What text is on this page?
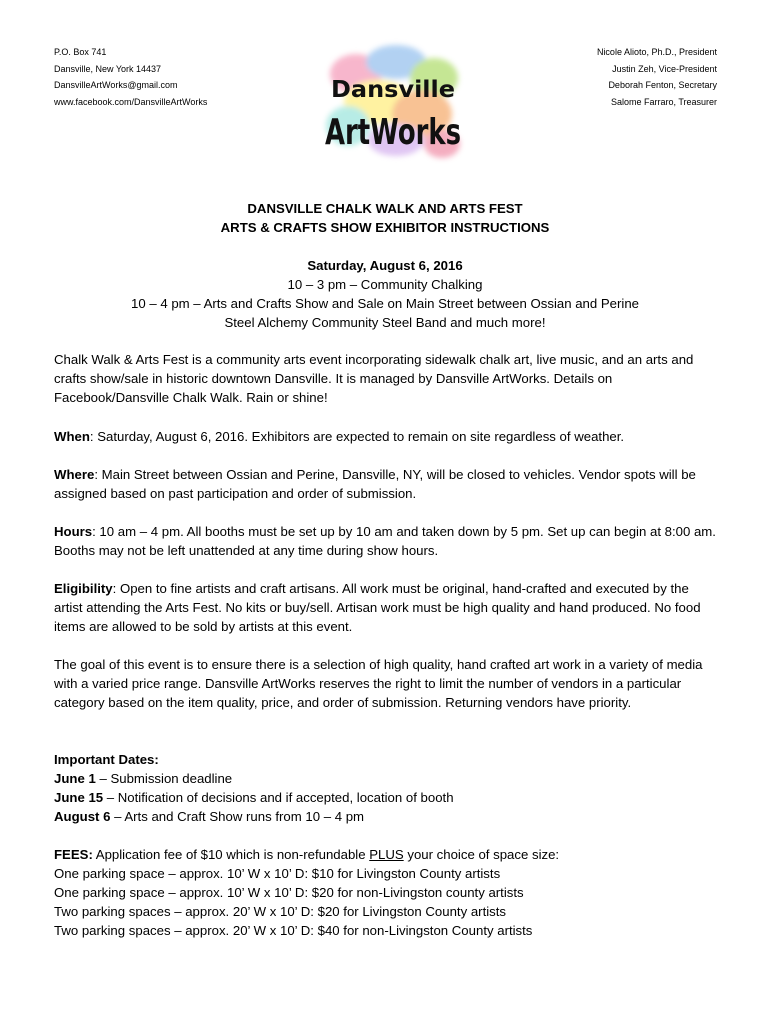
P.O. Box 741
Dansville, New York 14437
DansvilleArtWorks@gmail.com
www.facebook.com/DansvilleArtWorks
Nicole Alioto, Ph.D., President
Justin Zeh, Vice-President
Deborah Fenton, Secretary
Salome Farraro, Treasurer
Dansville
ArtWorks
DANSVILLE CHALK WALK AND ARTS FEST
ARTS & CRAFTS SHOW EXHIBITOR INSTRUCTIONS
Saturday, August 6, 2016
10 – 3 pm – Community Chalking
10 – 4 pm – Arts and Crafts Show and Sale on Main Street between Ossian and Perine
Steel Alchemy Community Steel Band and much more!

Chalk Walk & Arts Fest is a community arts event incorporating sidewalk chalk art, live music, and an arts and crafts show/sale in historic downtown Dansville. It is managed by Dansville ArtWorks. Details on Facebook/Dansville Chalk Walk. Rain or shine!

When: Saturday, August 6, 2016. Exhibitors are expected to remain on site regardless of weather.

Where: Main Street between Ossian and Perine, Dansville, NY, will be closed to vehicles. Vendor spots will be assigned based on past participation and order of submission.

Hours: 10 am – 4 pm. All booths must be set up by 10 am and taken down by 5 pm. Set up can begin at 8:00 am. Booths may not be left unattended at any time during show hours.

Eligibility: Open to fine artists and craft artisans. All work must be original, hand-crafted and executed by the artist attending the Arts Fest. No kits or buy/sell. Artisan work must be high quality and hand produced. No food items are allowed to be sold by artists at this event.

The goal of this event is to ensure there is a selection of high quality, hand crafted art work in a variety of media with a varied price range. Dansville ArtWorks reserves the right to limit the number of vendors in a particular category based on the item quality, price, and order of submission. Returning vendors have priority.

Important Dates:
June 1 – Submission deadline
June 15 – Notification of decisions and if accepted, location of booth
August 6 – Arts and Craft Show runs from 10 – 4 pm
FEES: Application fee of $10 which is non-refundable PLUS your choice of space size:
One parking space – approx. 10’ W x 10’ D: $10 for Livingston County artists
One parking space – approx. 10’ W x 10’ D: $20 for non-Livingston county artists
Two parking spaces – approx. 20’ W x 10’ D: $20 for Livingston County artists
Two parking spaces – approx. 20’ W x 10’ D: $40 for non-Livingston County artists
